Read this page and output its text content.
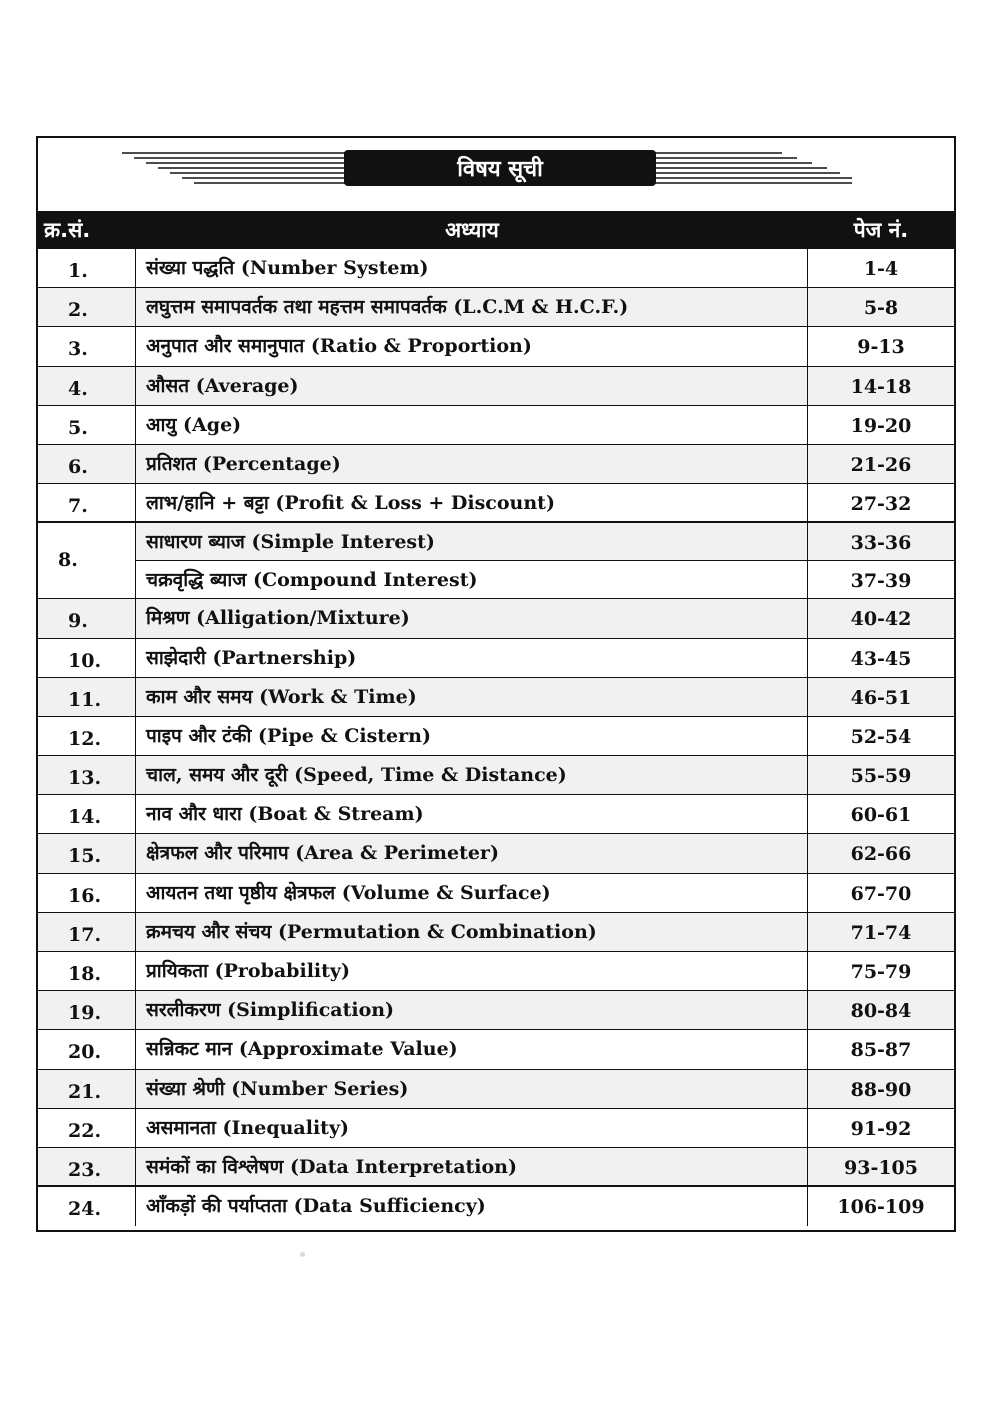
विषय सूची
क्र.सं.	अध्याय	पेज नं.
1.	संख्या पद्धति (Number System)	1-4
2.	लघुत्तम समापवर्तक तथा महत्तम समापवर्तक (L.C.M & H.C.F.)	5-8
3.	अनुपात और समानुपात (Ratio & Proportion)	9-13
4.	औसत (Average)	14-18
5.	आयु (Age)	19-20
6.	प्रतिशत (Percentage)	21-26
7.	लाभ/हानि + बट्टा (Profit & Loss + Discount)	27-32
8.
साधारण ब्याज (Simple Interest)	33-36
चक्रवृद्धि ब्याज (Compound Interest)	37-39
9.	मिश्रण (Alligation/Mixture)	40-42
10.	साझेदारी (Partnership)	43-45
11.	काम और समय (Work & Time)	46-51
12.	पाइप और टंकी (Pipe & Cistern)	52-54
13.	चाल, समय और दूरी (Speed, Time & Distance)	55-59
14.	नाव और धारा (Boat & Stream)	60-61
15.	क्षेत्रफल और परिमाप (Area & Perimeter)	62-66
16.	आयतन तथा पृष्ठीय क्षेत्रफल (Volume & Surface)	67-70
17.	क्रमचय और संचय (Permutation & Combination)	71-74
18.	प्रायिकता (Probability)	75-79
19.	सरलीकरण (Simplification)	80-84
20.	सन्निकट मान (Approximate Value)	85-87
21.	संख्या श्रेणी (Number Series)	88-90
22.	असमानता (Inequality)	91-92
23.	समंकों का विश्लेषण (Data Interpretation)	93-105
24.	आँकड़ों की पर्याप्तता (Data Sufficiency)	106-109
